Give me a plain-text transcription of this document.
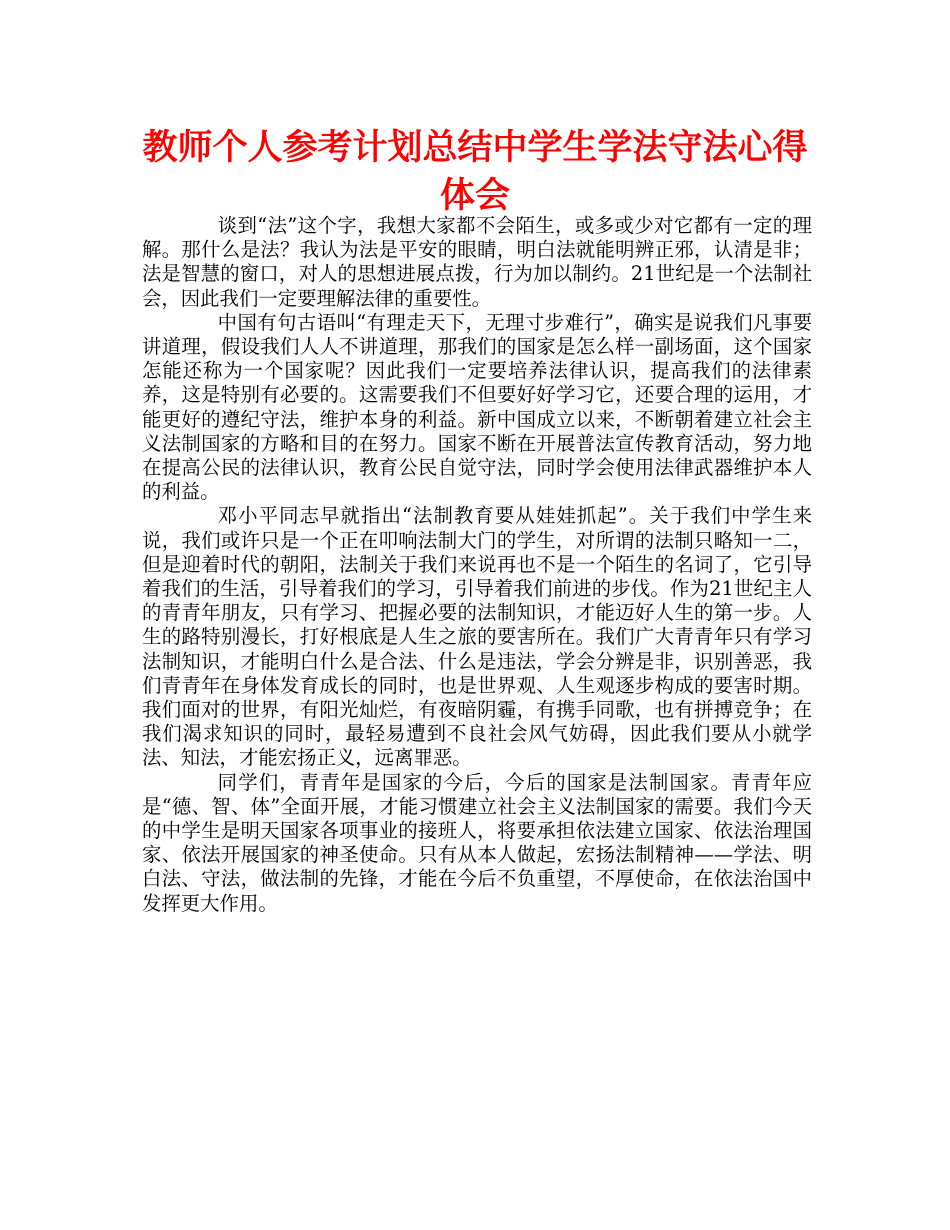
教师个人参考计划总结中学生学法守法心得体会

谈到“法”这个字，我想大家都不会陌生，或多或少对它都有一定的理解。那什么是法？我认为法是平安的眼睛，明白法就能明辨正邪，认清是非；法是智慧的窗口，对人的思想进展点拨，行为加以制约。21世纪是一个法制社会，因此我们一定要理解法律的重要性。

中国有句古语叫“有理走天下，无理寸步难行”，确实是说我们凡事要讲道理，假设我们人人不讲道理，那我们的国家是怎么样一副场面，这个国家怎能还称为一个国家呢？因此我们一定要培养法律认识，提高我们的法律素养，这是特别有必要的。这需要我们不但要好好学习它，还要合理的运用，才能更好的遵纪守法，维护本身的利益。新中国成立以来，不断朝着建立社会主义法制国家的方略和目的在努力。国家不断在开展普法宣传教育活动，努力地在提高公民的法律认识，教育公民自觉守法，同时学会使用法律武器维护本人的利益。

邓小平同志早就指出“法制教育要从娃娃抓起”。关于我们中学生来说，我们或许只是一个正在叩响法制大门的学生，对所谓的法制只略知一二，但是迎着时代的朝阳，法制关于我们来说再也不是一个陌生的名词了，它引导着我们的生活，引导着我们的学习，引导着我们前进的步伐。作为21世纪主人的青青年朋友，只有学习、把握必要的法制知识，才能迈好人生的第一步。人生的路特别漫长，打好根底是人生之旅的要害所在。我们广大青青年只有学习法制知识，才能明白什么是合法、什么是违法，学会分辨是非，识别善恶，我们青青年在身体发育成长的同时，也是世界观、人生观逐步构成的要害时期。我们面对的世界，有阳光灿烂，有夜暗阴霾，有携手同歌，也有拼搏竞争；在我们渴求知识的同时，最轻易遭到不良社会风气妨碍，因此我们要从小就学法、知法，才能宏扬正义，远离罪恶。

同学们，青青年是国家的今后，今后的国家是法制国家。青青年应是“德、智、体”全面开展，才能习惯建立社会主义法制国家的需要。我们今天的中学生是明天国家各项事业的接班人，将要承担依法建立国家、依法治理国家、依法开展国家的神圣使命。只有从本人做起，宏扬法制精神——学法、明白法、守法，做法制的先锋，才能在今后不负重望，不厚使命，在依法治国中发挥更大作用。
